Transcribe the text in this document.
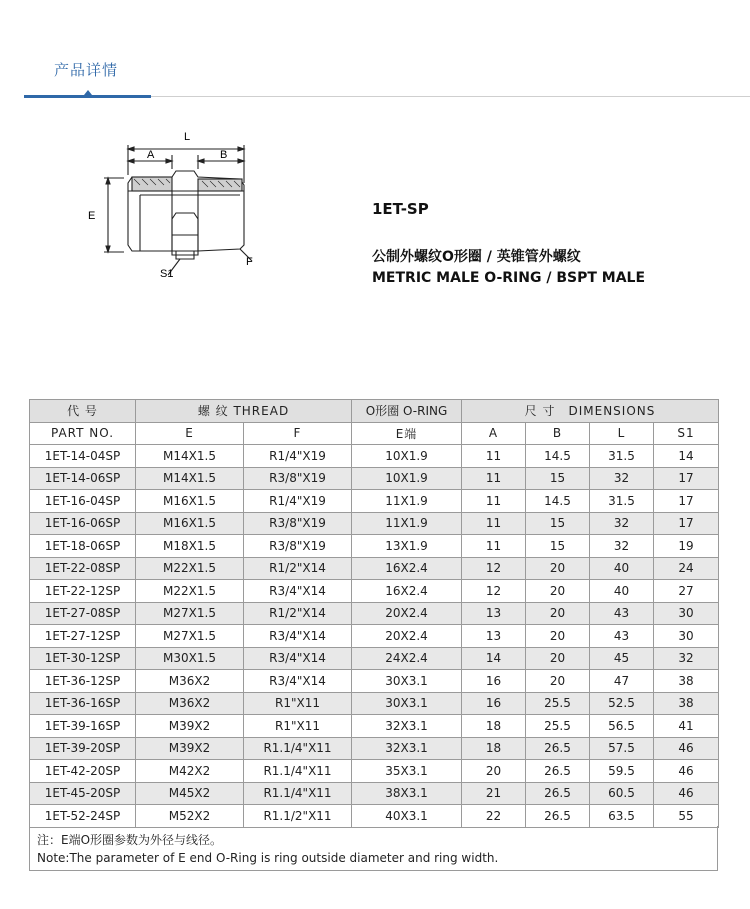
产品详情
L
A	B
E
S1
F
1ET-SP
公制外螺纹O形圈 / 英锥管外螺纹
METRIC MALE O-RING / BSPT MALE
代 号	螺 纹 THREAD		O形圈 O-RING	尺 寸　DIMENSIONS			
PART NO.	E	F	E端	A	B	L	S1
1ET-14-04SP	M14X1.5	R1/4"X19	10X1.9	11	14.5	31.5	14
1ET-14-06SP	M14X1.5	R3/8"X19	10X1.9	11	15	32	17
1ET-16-04SP	M16X1.5	R1/4"X19	11X1.9	11	14.5	31.5	17
1ET-16-06SP	M16X1.5	R3/8"X19	11X1.9	11	15	32	17
1ET-18-06SP	M18X1.5	R3/8"X19	13X1.9	11	15	32	19
1ET-22-08SP	M22X1.5	R1/2"X14	16X2.4	12	20	40	24
1ET-22-12SP	M22X1.5	R3/4"X14	16X2.4	12	20	40	27
1ET-27-08SP	M27X1.5	R1/2"X14	20X2.4	13	20	43	30
1ET-27-12SP	M27X1.5	R3/4"X14	20X2.4	13	20	43	30
1ET-30-12SP	M30X1.5	R3/4"X14	24X2.4	14	20	45	32
1ET-36-12SP	M36X2	R3/4"X14	30X3.1	16	20	47	38
1ET-36-16SP	M36X2	R1"X11	30X3.1	16	25.5	52.5	38
1ET-39-16SP	M39X2	R1"X11	32X3.1	18	25.5	56.5	41
1ET-39-20SP	M39X2	R1.1/4"X11	32X3.1	18	26.5	57.5	46
1ET-42-20SP	M42X2	R1.1/4"X11	35X3.1	20	26.5	59.5	46
1ET-45-20SP	M45X2	R1.1/4"X11	38X3.1	21	26.5	60.5	46
1ET-52-24SP	M52X2	R1.1/2"X11	40X3.1	22	26.5	63.5	55
注：E端O形圈参数为外径与线径。
Note:The parameter of E end O-Ring is ring outside diameter and ring width.
